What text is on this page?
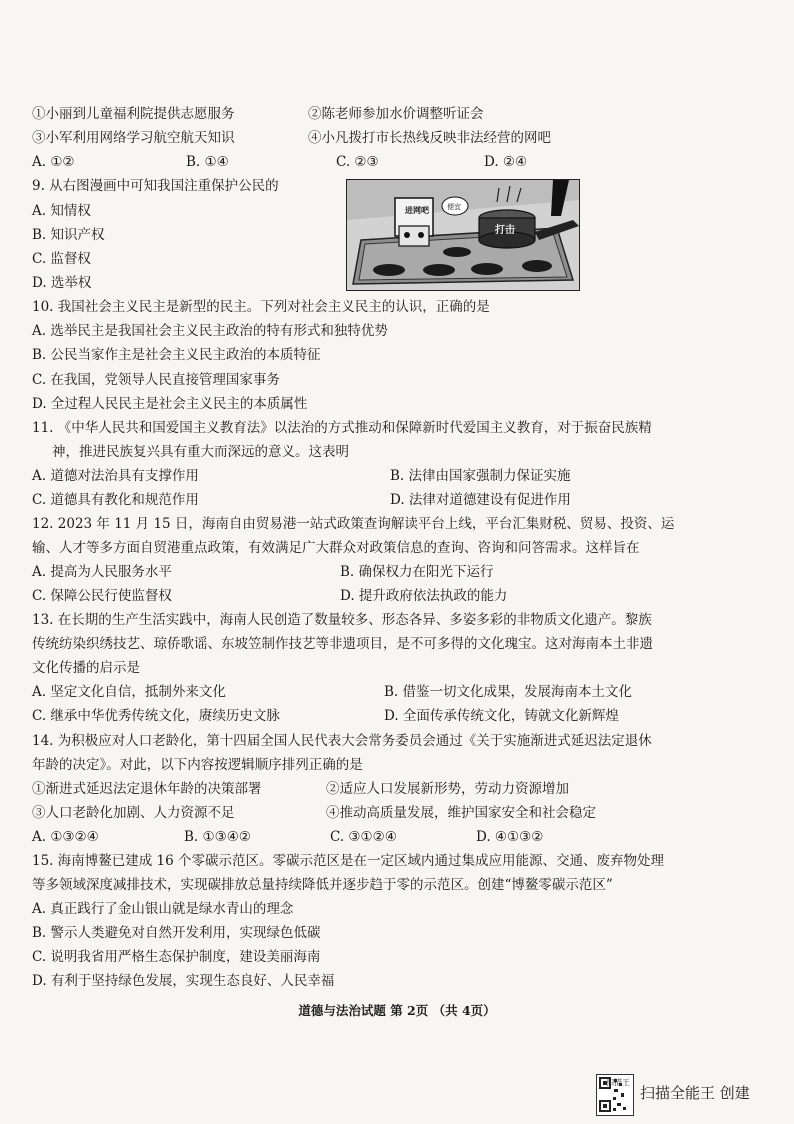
①小丽到儿童福利院提供志愿服务	②陈老师参加水价调整听证会
③小军利用网络学习航空航天知识	④小凡拨打市长热线反映非法经营的网吧
A. ①②	B. ①④	C. ②③	D. ②④
9. 从右图漫画中可知我国注重保护公民的
A. 知情权
B. 知识产权
C. 监督权
D. 选举权
进网吧	便宜
打击
10. 我国社会主义民主是新型的民主。下列对社会主义民主的认识，正确的是
A. 选举民主是我国社会主义民主政治的特有形式和独特优势
B. 公民当家作主是社会主义民主政治的本质特征
C. 在我国，党领导人民直接管理国家事务
D. 全过程人民民主是社会主义民主的本质属性
11. 《中华人民共和国爱国主义教育法》以法治的方式推动和保障新时代爱国主义教育，对于振奋民族精
神，推进民族复兴具有重大而深远的意义。这表明
A. 道德对法治具有支撑作用	B. 法律由国家强制力保证实施
C. 道德具有教化和规范作用	D. 法律对道德建设有促进作用
12. 2023 年 11 月 15 日，海南自由贸易港一站式政策查询解读平台上线，平台汇集财税、贸易、投资、运
输、人才等多方面自贸港重点政策，有效满足广大群众对政策信息的查询、咨询和问答需求。这样旨在
A. 提高为人民服务水平	B. 确保权力在阳光下运行
C. 保障公民行使监督权	D. 提升政府依法执政的能力
13. 在长期的生产生活实践中，海南人民创造了数量较多、形态各异、多姿多彩的非物质文化遗产。黎族
传统纺染织绣技艺、琼侨歌谣、东坡笠制作技艺等非遗项目，是不可多得的文化瑰宝。这对海南本土非遗
文化传播的启示是
A. 坚定文化自信，抵制外来文化	B. 借鉴一切文化成果，发展海南本土文化
C. 继承中华优秀传统文化，赓续历史文脉	D. 全面传承传统文化，铸就文化新辉煌
14. 为积极应对人口老龄化，第十四届全国人民代表大会常务委员会通过《关于实施渐进式延迟法定退休
年龄的决定》。对此，以下内容按逻辑顺序排列正确的是
①渐进式延迟法定退休年龄的决策部署	②适应人口发展新形势，劳动力资源增加
③人口老龄化加剧、人力资源不足	④推动高质量发展，维护国家安全和社会稳定
A. ①③②④	B. ①③④②	C. ③①②④	D. ④①③②
15. 海南博鳌已建成 16 个零碳示范区。零碳示范区是在一定区域内通过集成应用能源、交通、废弃物处理
等多领域深度减排技术，实现碳排放总量持续降低并逐步趋于零的示范区。创建“博鳌零碳示范区”
A. 真正践行了金山银山就是绿水青山的理念
B. 警示人类避免对自然开发利用，实现绿色低碳
C. 说明我省用严格生态保护制度，建设美丽海南
D. 有利于坚持绿色发展，实现生态良好、人民幸福
道德与法治试题 第 2页 （共 4页）
扫描王
扫描全能王 创建
